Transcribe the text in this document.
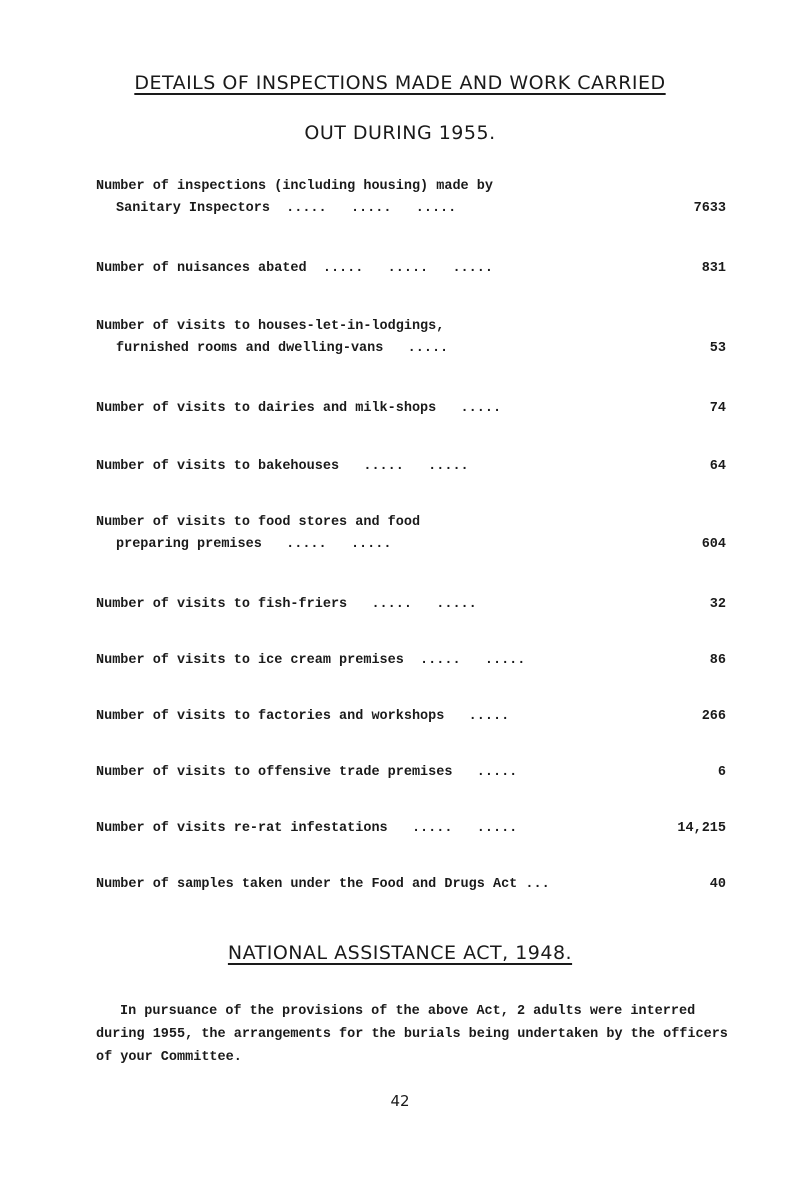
DETAILS OF INSPECTIONS MADE AND WORK CARRIED
OUT DURING 1955.
Number of inspections (including housing) made by
Sanitary Inspectors  .....   .....   .....	7633
Number of nuisances abated  .....   .....   .....	831
Number of visits to houses-let-in-lodgings,
furnished rooms and dwelling-vans   .....	53
Number of visits to dairies and milk-shops   .....	74
Number of visits to bakehouses   .....   .....	64
Number of visits to food stores and food
preparing premises   .....   .....	604
Number of visits to fish-friers   .....   .....	32
Number of visits to ice cream premises  .....   .....	86
Number of visits to factories and workshops   .....	266
Number of visits to offensive trade premises   .....	6
Number of visits re-rat infestations   .....   .....	14,215
Number of samples taken under the Food and Drugs Act ...	40
NATIONAL ASSISTANCE ACT, 1948.
In pursuance of the provisions of the above Act, 2 adults were interred during 1955, the arrangements for the burials being undertaken by the officers of your Committee.
42
